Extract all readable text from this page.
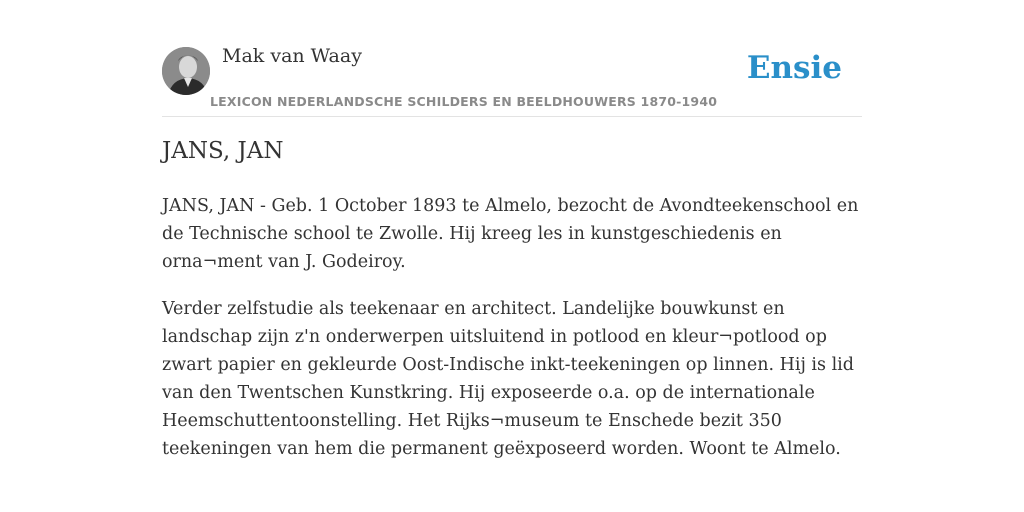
Mak van Waay
LEXICON NEDERLANDSCHE SCHILDERS EN BEELDHOUWERS 1870-1940
Ensie
JANS, JAN

JANS, JAN - Geb. 1 October 1893 te Almelo, bezocht de Avondteekenschool en de Technische school te Zwolle. Hij kreeg les in kunstgeschiedenis en orna¬ment van J. Godeiroy.

Verder zelfstudie als teekenaar en architect. Landelijke bouwkunst en landschap zijn z'n onderwerpen uitsluitend in potlood en kleur¬potlood op zwart papier en gekleurde Oost-Indische inkt-teekeningen op linnen. Hij is lid van den Twentschen Kunstkring. Hij exposeerde o.a. op de internationale Heemschuttentoonstelling. Het Rijks¬museum te Enschede bezit 350 teekeningen van hem die permanent geëxposeerd worden. Woont te Almelo.
